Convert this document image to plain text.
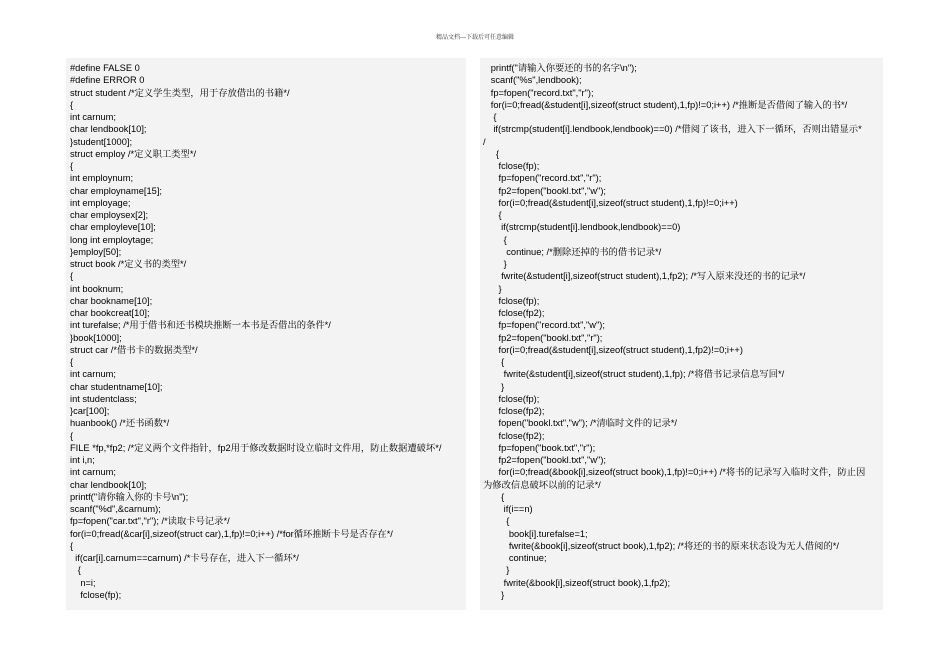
精品文档---下载后可任意编辑
#define FALSE 0
#define ERROR 0
struct student /*定义学生类型，用于存放借出的书籍*/
{
int carnum;
char lendbook[10];
}student[1000];
struct employ /*定义职工类型*/
{
int employnum;
char employname[15];
int employage;
char employsex[2];
char employleve[10];
long int employtage;
}employ[50];
struct book /*定义书的类型*/
{
int booknum;
char bookname[10];
char bookcreat[10];
int turefalse; /*用于借书和还书模块推断一本书是否借出的条件*/
}book[1000];
struct car /*借书卡的数据类型*/
{
int carnum;
char studentname[10];
int studentclass;
}car[100];
huanbook() /*还书函数*/
{
FILE *fp,*fp2; /*定义两个文件指针，fp2用于修改数据时设立临时文件用，防止数据遭破坏*/
int i,n;
int carnum;
char lendbook[10];
printf("请你输入你的卡号\n");
scanf("%d",&carnum);
fp=fopen("car.txt","r"); /*读取卡号记录*/
for(i=0;fread(&car[i],sizeof(struct car),1,fp)!=0;i++) /*for循环推断卡号是否存在*/
{
if(car[i].carnum==carnum) /*卡号存在，进入下一循环*/
{
n=i;
fclose(fp);
printf("请输入你要还的书的名字\n");
scanf("%s",lendbook);
fp=fopen("record.txt","r");
for(i=0;fread(&student[i],sizeof(struct student),1,fp)!=0;i++) /*推断是否借阅了输入的书*/
{
if(strcmp(student[i].lendbook,lendbook)==0) /*借阅了该书，进入下一循环，否则出错显示*
/
{
fclose(fp);
fp=fopen("record.txt","r");
fp2=fopen("bookl.txt","w");
for(i=0;fread(&student[i],sizeof(struct student),1,fp)!=0;i++)
{
if(strcmp(student[i].lendbook,lendbook)==0)
{
continue; /*删除还掉的书的借书记录*/
}
fwrite(&student[i],sizeof(struct student),1,fp2); /*写入原来没还的书的记录*/
}
fclose(fp);
fclose(fp2);
fp=fopen("record.txt","w");
fp2=fopen("bookl.txt","r");
for(i=0;fread(&student[i],sizeof(struct student),1,fp2)!=0;i++)
{
fwrite(&student[i],sizeof(struct student),1,fp); /*将借书记录信息写回*/
}
fclose(fp);
fclose(fp2);
fopen("bookl.txt","w"); /*清临时文件的记录*/
fclose(fp2);
fp=fopen("book.txt","r");
fp2=fopen("bookl.txt","w");
for(i=0;fread(&book[i],sizeof(struct book),1,fp)!=0;i++) /*将书的记录写入临时文件，防止因
为修改信息破坏以前的记录*/
{
if(i==n)
{
book[i].turefalse=1;
fwrite(&book[i],sizeof(struct book),1,fp2); /*将还的书的原来状态设为无人借阅的*/
continue;
}
fwrite(&book[i],sizeof(struct book),1,fp2);
}
